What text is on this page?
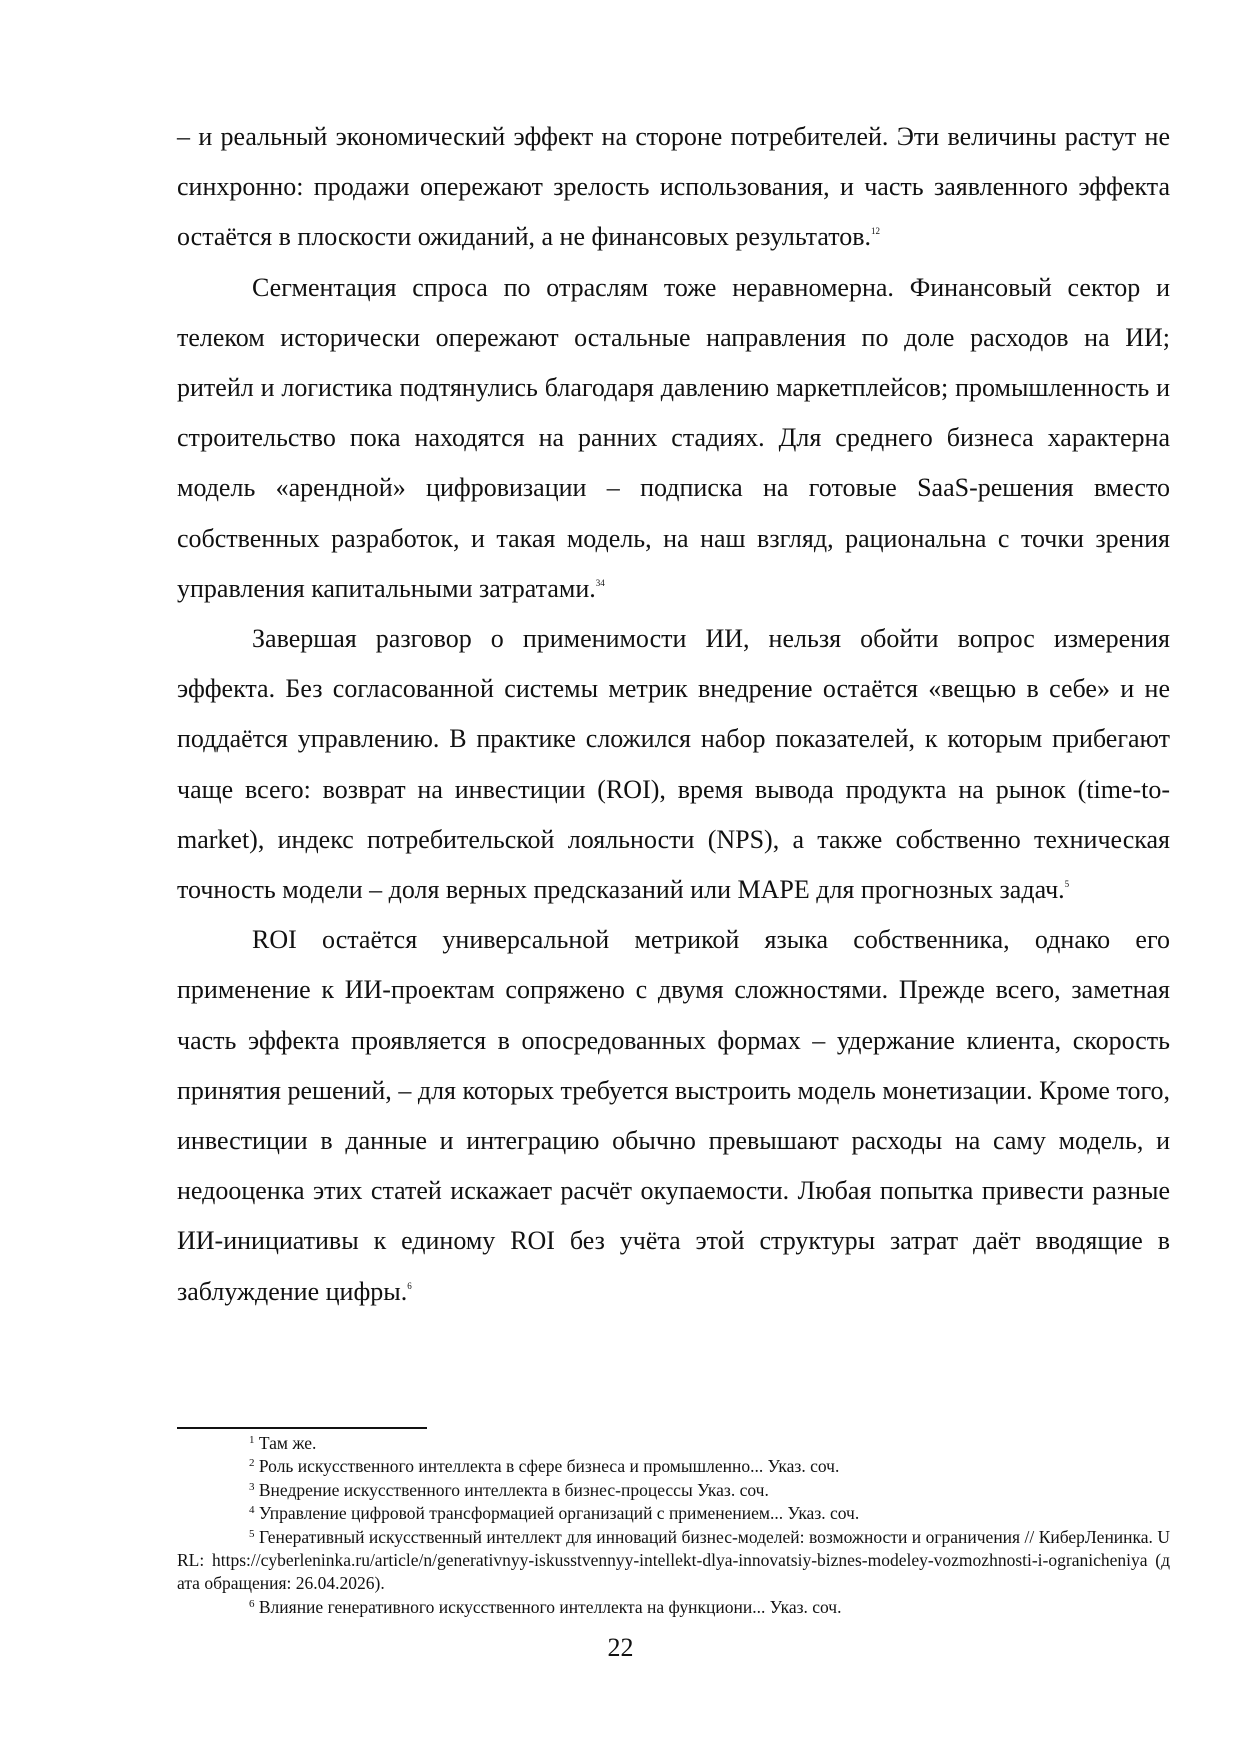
– и реальный экономический эффект на стороне потребителей. Эти величины растут не синхронно: продажи опережают зрелость использования, и часть заявленного эффекта остаётся в плоскости ожиданий, а не финансовых результатов.$^{12}$

Сегментация спроса по отраслям тоже неравномерна. Финансовый сектор и телеком исторически опережают остальные направления по доле расходов на ИИ; ритейл и логистика подтянулись благодаря давлению маркетплейсов; промышленность и строительство пока находятся на ранних стадиях. Для среднего бизнеса характерна модель «арендной» цифровизации – подписка на готовые SaaS-решения вместо собственных разработок, и такая модель, на наш взгляд, рациональна с точки зрения управления капитальными затратами.$^{34}$

Завершая разговор о применимости ИИ, нельзя обойти вопрос измерения эффекта. Без согласованной системы метрик внедрение остаётся «вещью в себе» и не поддаётся управлению. В практике сложился набор показателей, к которым прибегают чаще всего: возврат на инвестиции (ROI), время вывода продукта на рынок (time-to-market), индекс потребительской лояльности (NPS), а также собственно техническая точность модели – доля верных предсказаний или MAPE для прогнозных задач.$^5$

ROI остаётся универсальной метрикой языка собственника, однако его применение к ИИ-проектам сопряжено с двумя сложностями. Прежде всего, заметная часть эффекта проявляется в опосредованных формах – удержание клиента, скорость принятия решений, – для которых требуется выстроить модель монетизации. Кроме того, инвестиции в данные и интеграцию обычно превышают расходы на саму модель, и недооценка этих статей искажает расчёт окупаемости. Любая попытка привести разные ИИ-инициативы к единому ROI без учёта этой структуры затрат даёт вводящие в заблуждение цифры.$^6$

$^1$ Там же.

$^2$ Роль искусственного интеллекта в сфере бизнеса и промышленно... Указ. соч.

$^3$ Внедрение искусственного интеллекта в бизнес-процессы Указ. соч.

$^4$ Управление цифровой трансформацией организаций с применением... Указ. соч.

$^5$ Генеративный искусственный интеллект для инноваций бизнес-моделей: возможности и ограничения // КиберЛенинка. URL: https://cyberleninka.ru/article/n/generativnyy-iskusstvennyy-intellekt-dlya-innovatsiy-biznes-modeley-vozmozhnosti-i-ogranicheniya (дата обращения: 26.04.2026).

$^6$ Влияние генеративного искусственного интеллекта на функциони... Указ. соч.

22
